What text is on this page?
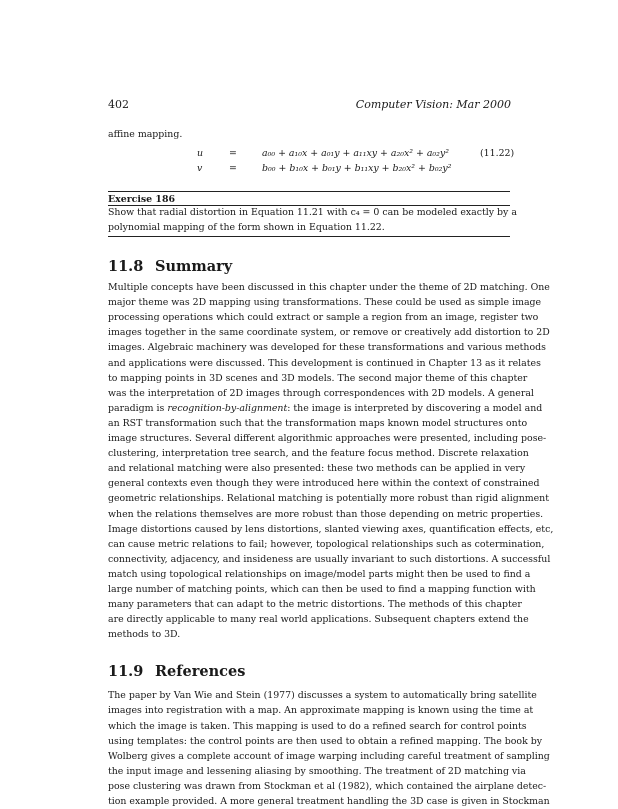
402	Computer Vision: Mar 2000
affine mapping.
u	=	a₀₀ + a₁₀x + a₀₁y + a₁₁xy + a₂₀x² + a₀₂y²	(11.22)
v	=	b₀₀ + b₁₀x + b₀₁y + b₁₁xy + b₂₀x² + b₀₂y²
Exercise 186
Show that radial distortion in Equation 11.21 with c₄ = 0 can be modeled exactly by a
polynomial mapping of the form shown in Equation 11.22.
11.8 Summary
Multiple concepts have been discussed in this chapter under the theme of 2D matching. One
major theme was 2D mapping using transformations. These could be used as simple image
processing operations which could extract or sample a region from an image, register two
images together in the same coordinate system, or remove or creatively add distortion to 2D
images. Algebraic machinery was developed for these transformations and various methods
and applications were discussed. This development is continued in Chapter 13 as it relates
to mapping points in 3D scenes and 3D models. The second major theme of this chapter
was the interpretation of 2D images through correspondences with 2D models. A general
paradigm is recognition-by-alignment: the image is interpreted by discovering a model and
an RST transformation such that the transformation maps known model structures onto
image structures. Several different algorithmic approaches were presented, including pose-
clustering, interpretation tree search, and the feature focus method. Discrete relaxation
and relational matching were also presented: these two methods can be applied in very
general contexts even though they were introduced here within the context of constrained
geometric relationships. Relational matching is potentially more robust than rigid alignment
when the relations themselves are more robust than those depending on metric properties.
Image distortions caused by lens distortions, slanted viewing axes, quantification effects, etc,
can cause metric relations to fail; however, topological relationships such as cotermination,
connectivity, adjacency, and insideness are usually invariant to such distortions. A successful
match using topological relationships on image/model parts might then be used to find a
large number of matching points, which can then be used to find a mapping function with
many parameters that can adapt to the metric distortions. The methods of this chapter
are directly applicable to many real world applications. Subsequent chapters extend the
methods to 3D.
11.9 References
The paper by Van Wie and Stein (1977) discusses a system to automatically bring satellite
images into registration with a map. An approximate mapping is known using the time at
which the image is taken. This mapping is used to do a refined search for control points
using templates: the control points are then used to obtain a refined mapping. The book by
Wolberg gives a complete account of image warping including careful treatment of sampling
the input image and lessening aliasing by smoothing. The treatment of 2D matching via
pose clustering was drawn from Stockman et al (1982), which contained the airplane detec-
tion example provided. A more general treatment handling the 3D case is given in Stockman
